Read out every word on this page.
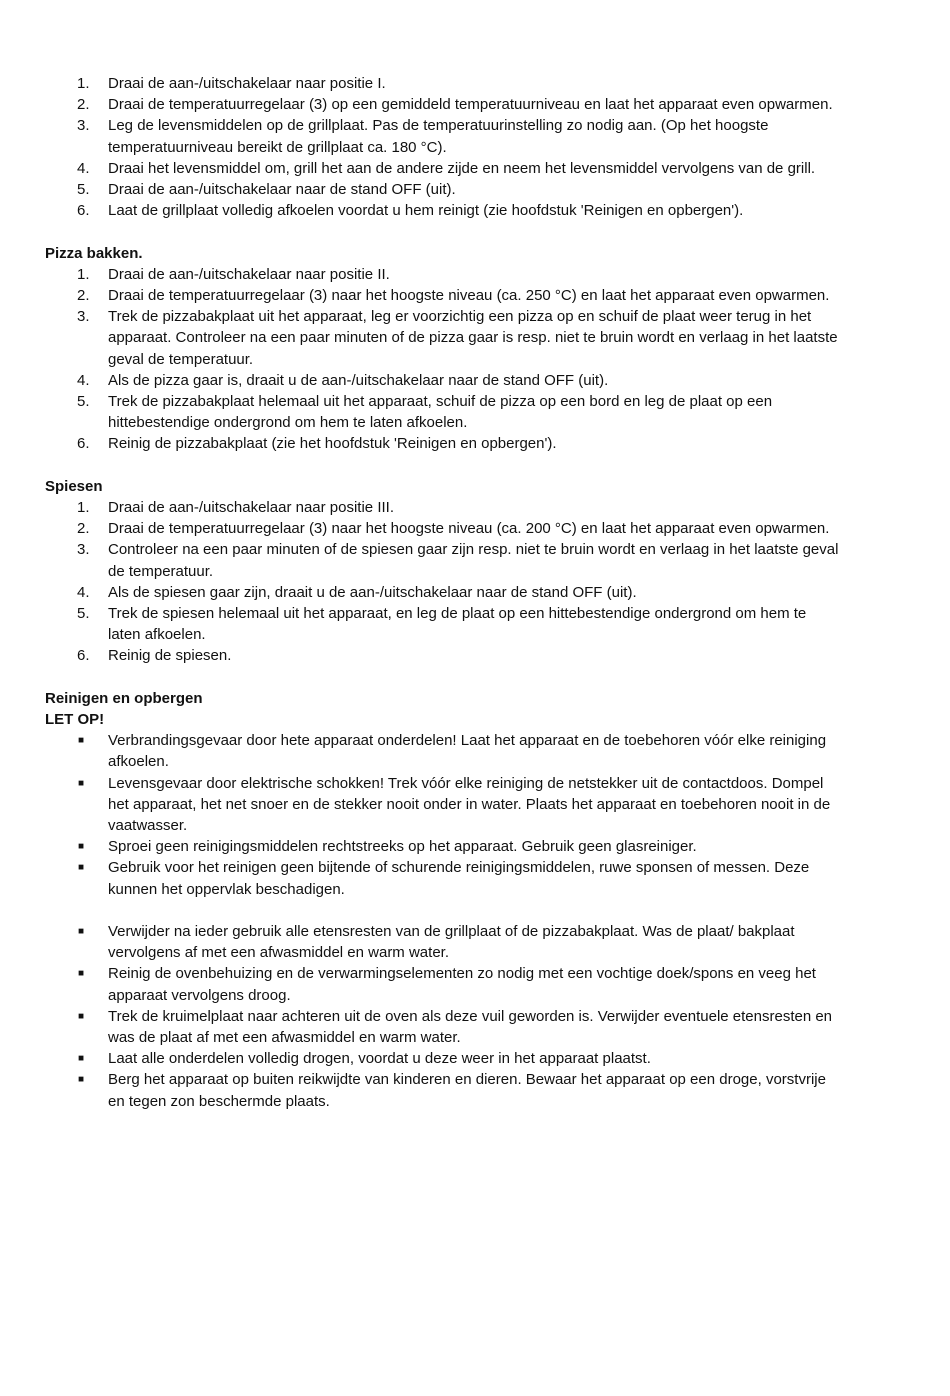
1.	Draai de aan-/uitschakelaar naar positie I.
2.	Draai de temperatuurregelaar (3) op een gemiddeld temperatuurniveau en laat het apparaat even opwarmen.
3.	Leg de levensmiddelen op de grillplaat. Pas de temperatuurinstelling zo nodig aan. (Op het hoogste temperatuurniveau bereikt de grillplaat ca. 180 °C).
4.	Draai het levensmiddel om, grill het aan de andere zijde en neem het levensmiddel vervolgens van de grill.
5.	Draai de aan-/uitschakelaar naar de stand OFF (uit).
6.	Laat de grillplaat volledig afkoelen voordat u hem reinigt (zie hoofdstuk 'Reinigen en opbergen').
Pizza bakken.
1.	Draai de aan-/uitschakelaar naar positie II.
2.	Draai de temperatuurregelaar (3) naar het hoogste niveau (ca. 250 °C) en laat het apparaat even opwarmen.
3.	Trek de pizzabakplaat uit het apparaat, leg er voorzichtig een pizza op en schuif de plaat weer terug in het apparaat. Controleer na een paar minuten of de pizza gaar is resp. niet te bruin wordt en verlaag in het laatste geval de temperatuur.
4.	Als de pizza gaar is, draait u de aan-/uitschakelaar naar de stand OFF (uit).
5.	Trek de pizzabakplaat helemaal uit het apparaat, schuif de pizza op een bord en leg de plaat op een hittebestendige ondergrond om hem te laten afkoelen.
6.	Reinig de pizzabakplaat (zie het hoofdstuk 'Reinigen en opbergen').
Spiesen
1.	Draai de aan-/uitschakelaar naar positie III.
2.	Draai de temperatuurregelaar (3) naar het hoogste niveau (ca. 200 °C) en laat het apparaat even opwarmen.
3.	Controleer na een paar minuten of de spiesen gaar zijn resp. niet te bruin wordt en verlaag in het laatste geval de temperatuur.
4.	Als de spiesen gaar zijn, draait u de aan-/uitschakelaar naar de stand OFF (uit).
5.	Trek de spiesen helemaal uit het apparaat, en leg de plaat op een hittebestendige ondergrond om hem te laten afkoelen.
6.	Reinig de spiesen.
Reinigen en opbergen
LET OP!
■ Verbrandingsgevaar door hete apparaat onderdelen! Laat het apparaat en de toebehoren vóór elke reiniging afkoelen.
■ Levensgevaar door elektrische schokken! Trek vóór elke reiniging de netstekker uit de contactdoos. Dompel het apparaat, het net snoer en de stekker nooit onder in water. Plaats het apparaat en toebehoren nooit in de vaatwasser.
■ Sproei geen reinigingsmiddelen rechtstreeks op het apparaat. Gebruik geen glasreiniger.
■ Gebruik voor het reinigen geen bijtende of schurende reinigingsmiddelen, ruwe sponsen of messen. Deze kunnen het oppervlak beschadigen.
■ Verwijder na ieder gebruik alle etensresten van de grillplaat of de pizzabakplaat. Was de plaat/ bakplaat vervolgens af met een afwasmiddel en warm water.
■ Reinig de ovenbehuizing en de verwarmingselementen zo nodig met een vochtige doek/spons en veeg het apparaat vervolgens droog.
■ Trek de kruimelplaat naar achteren uit de oven als deze vuil geworden is. Verwijder eventuele etensresten en was de plaat af met een afwasmiddel en warm water.
■ Laat alle onderdelen volledig drogen, voordat u deze weer in het apparaat plaatst.
■ Berg het apparaat op buiten reikwijdte van kinderen en dieren. Bewaar het apparaat op een droge, vorstvrije en tegen zon beschermde plaats.
